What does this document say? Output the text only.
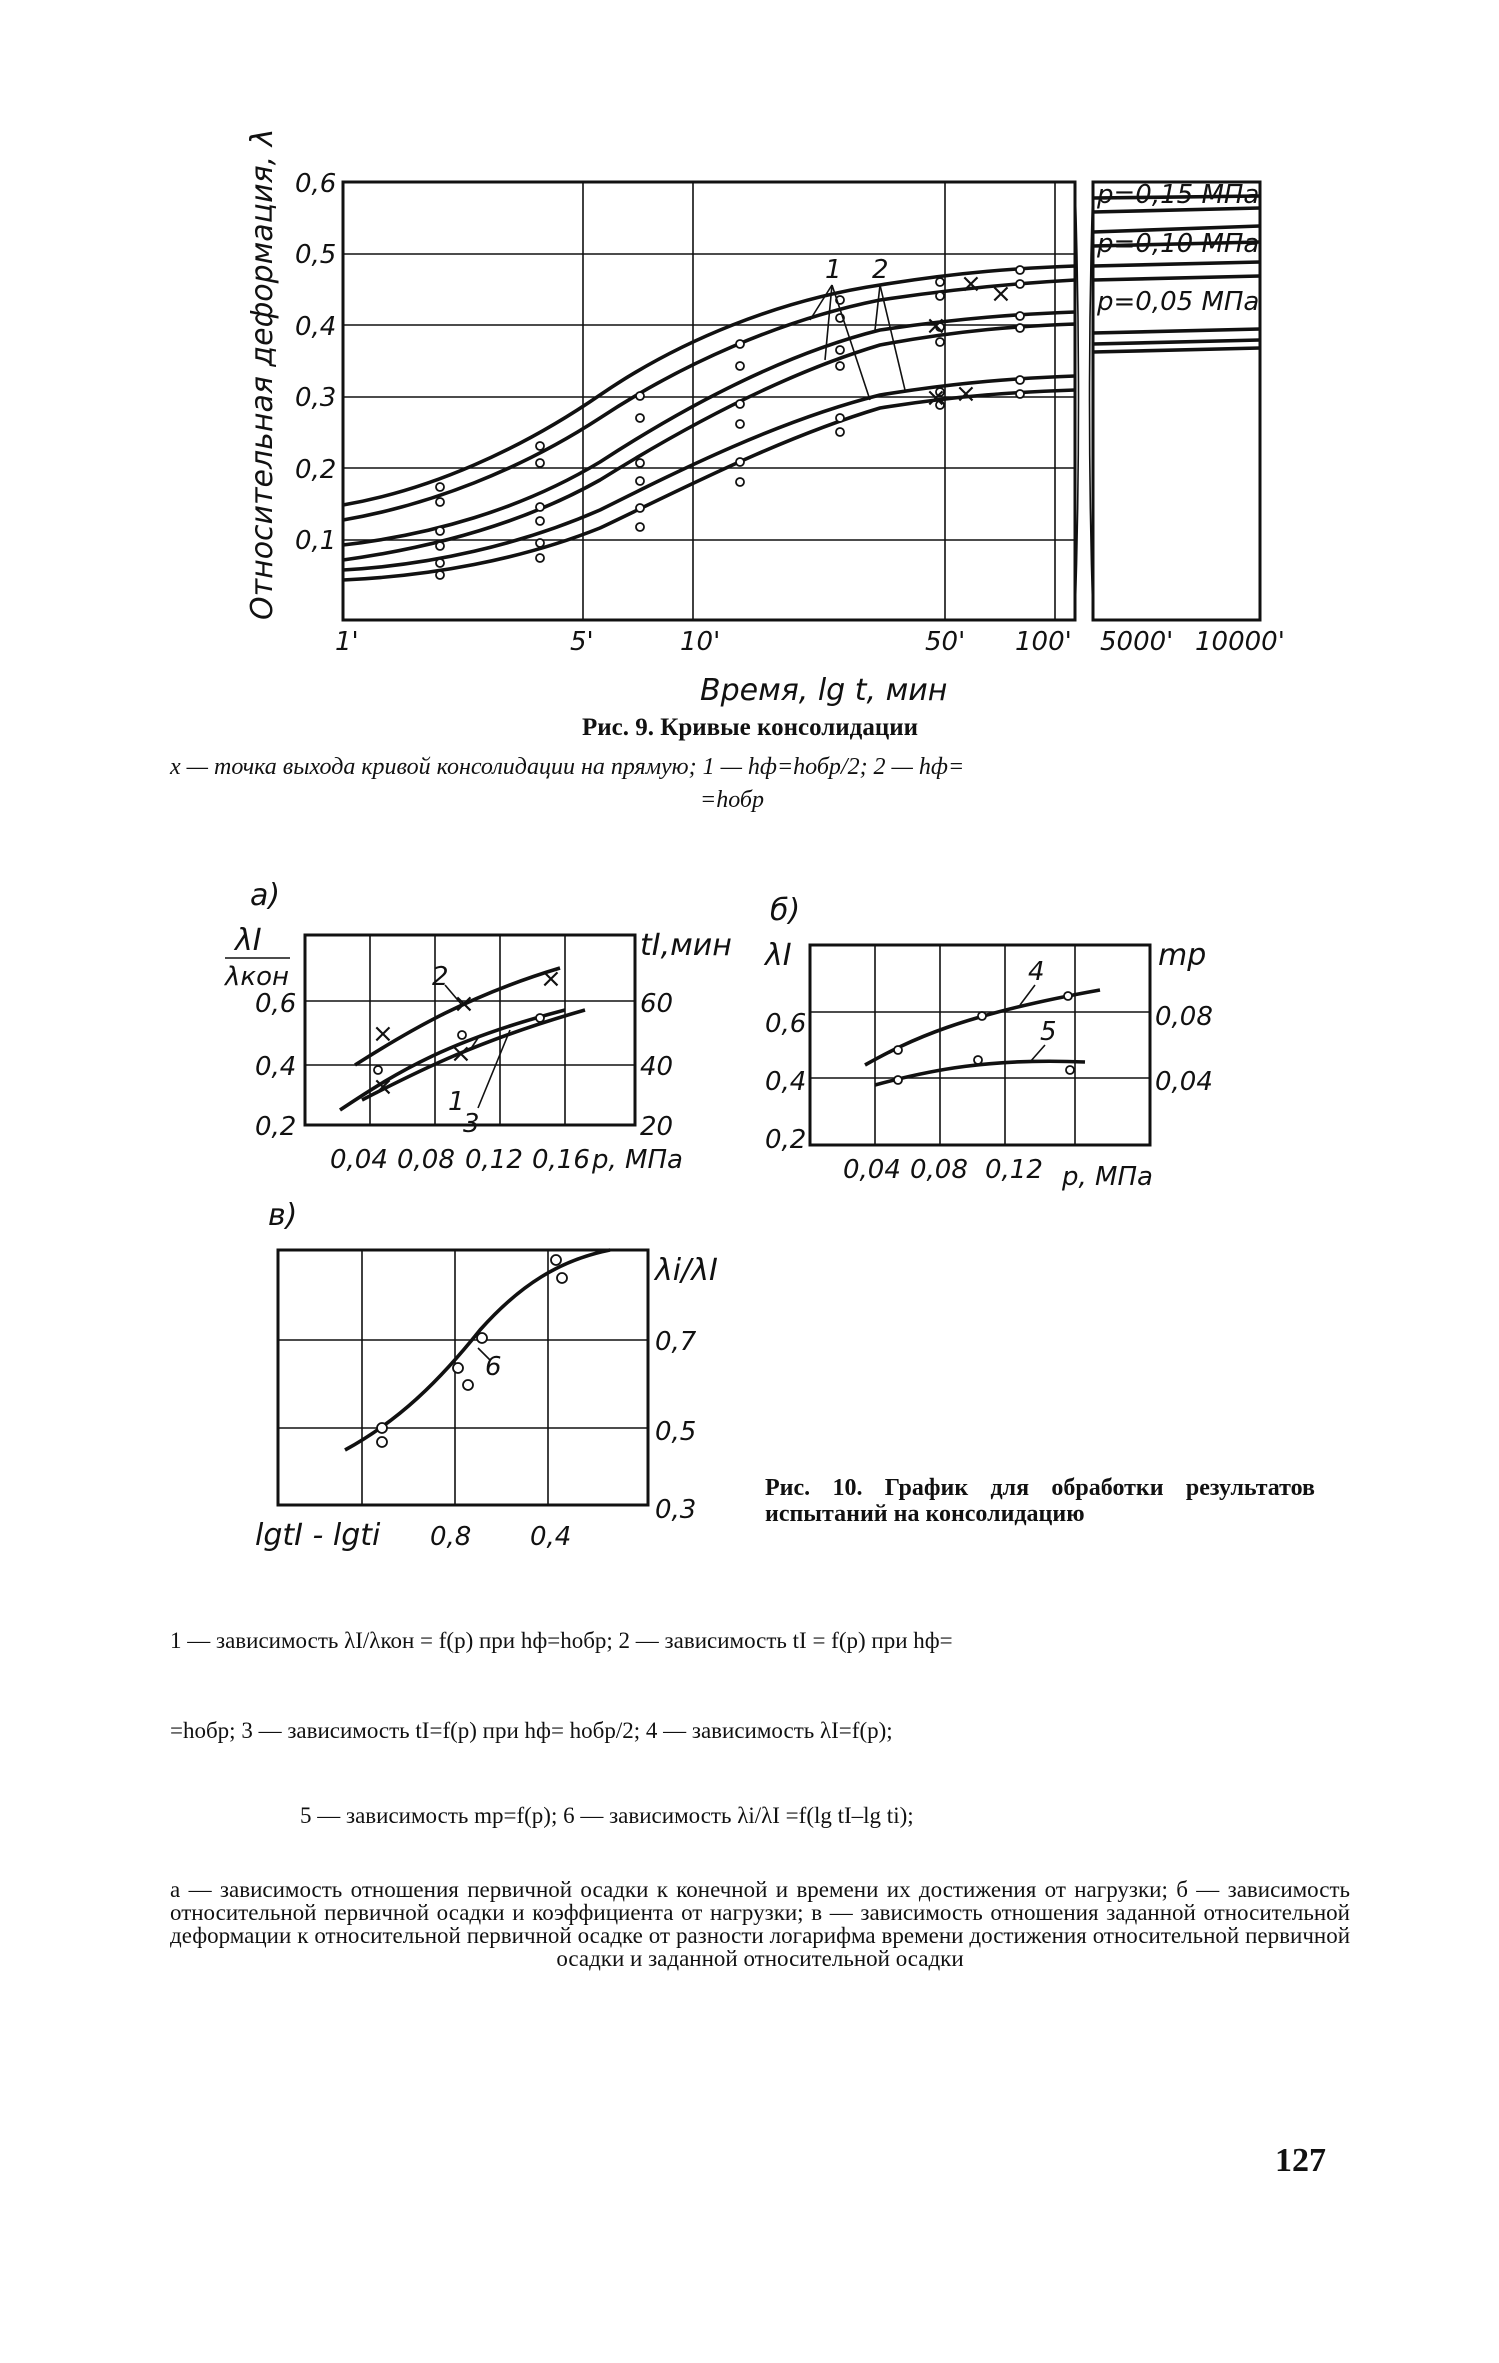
× ×
×
×
×
0,6
0,5
0,4
0,3
0,2
0,1
1'	5'	10'	50' 100' 5000' 10000'
Время, lg t, мин
Относительная деформация, λ	p=0,15 МПа
p=0,10 МПа
p=0,05 МПа
1 2
×
×
×
×
×
а)
λI
λкон
tI,мин
0,6
0,4
0,2
60
40
20
0,04 0,08 0,12 0,16 p, МПа
2
1
3
б)
λI	mp
0,6
0,4
0,2
0,08
0,04
0,04 0,08 0,12 p, МПа
4
5
в)
λi/λI
0,7
0,5
0,3
lgtI - lgti 0,8 0,4
6
Рис. 9. Кривые консолидации
x — точка выхода кривой консолидации на прямую; 1 — hф=hобр/2; 2 — hф=
=hобр
Рис. 10. График для обработки результатов испытаний на консолидацию
1 — зависимость λI/λкон = f(p) при hф=hобр; 2 — зависимость tI = f(p) при hф=
=hобр; 3 — зависимость tI=f(p) при hф= hобр/2; 4 — зависимость λI=f(p);
5 — зависимость mp=f(p); 6 — зависимость λi/λI =f(lg tI–lg ti);
а — зависимость отношения первичной осадки к конечной и времени их достижения от нагрузки; б — зависимость относительной первичной осадки и коэффициента от нагрузки; в — зависимость отношения заданной относительной деформации к относительной первичной осадке от разности логарифма времени достижения относительной первичной осадки и заданной относительной осадки
127
